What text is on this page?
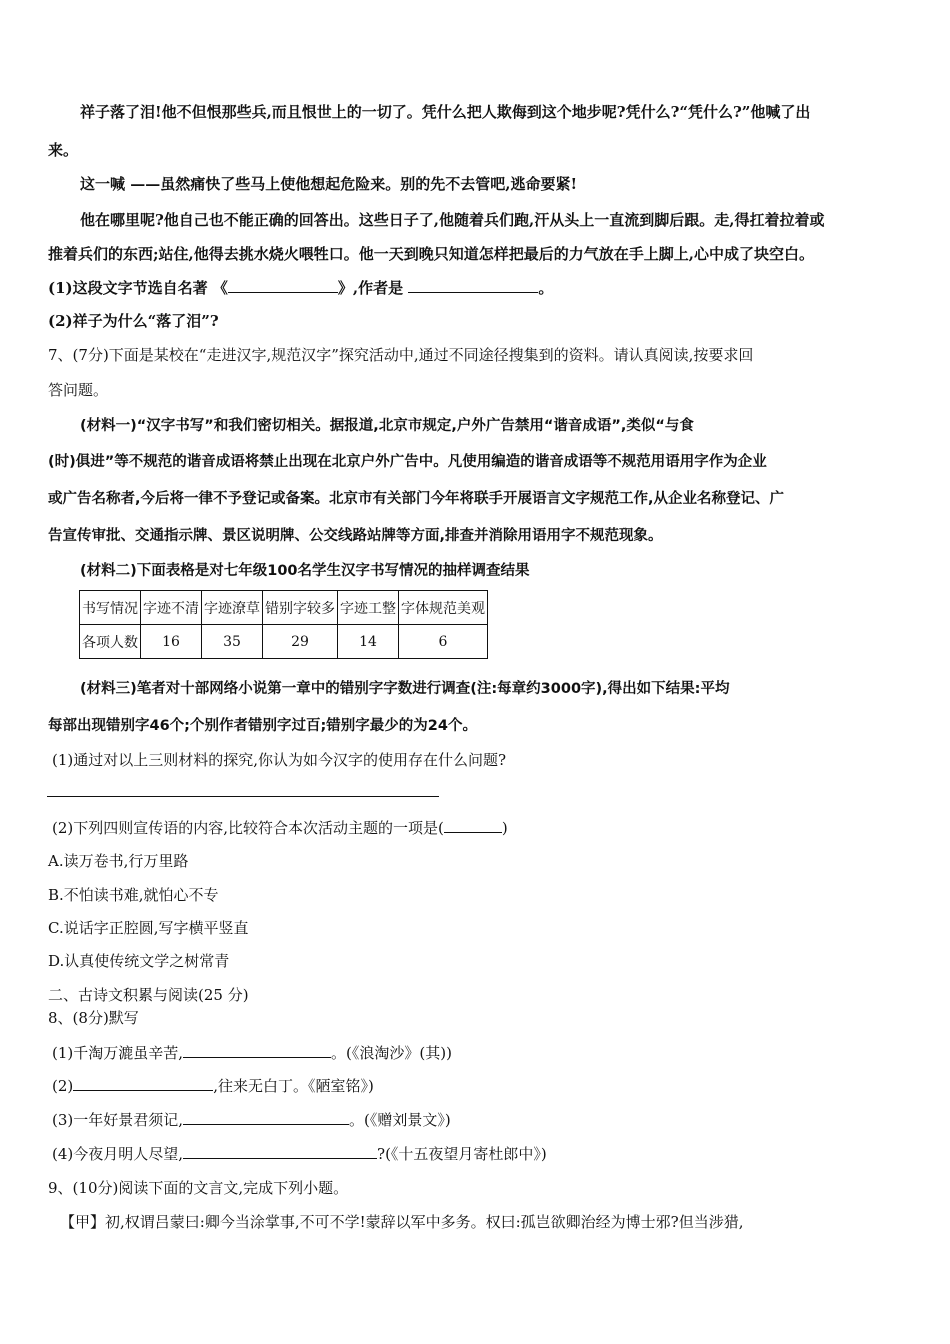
祥子落了泪!他不但恨那些兵,而且恨世上的一切了。凭什么把人欺侮到这个地步呢?凭什么?“凭什么?”他喊了出
来。
这一喊 ——虽然痛快了些马上使他想起危险来。别的先不去管吧,逃命要紧!
他在哪里呢?他自己也不能正确的回答出。这些日子了,他随着兵们跑,汗从头上一直流到脚后跟。走,得扛着拉着或
推着兵们的东西;站住,他得去挑水烧火喂牲口。他一天到晚只知道怎样把最后的力气放在手上脚上,心中成了块空白。
(1)这段文字节选自名著 《	》,作者是	。
(2)祥子为什么“落了泪”?
7、(7分)下面是某校在“走进汉字,规范汉字”探究活动中,通过不同途径搜集到的资料。请认真阅读,按要求回
答问题。
(材料一)“汉字书写”和我们密切相关。据报道,北京市规定,户外广告禁用“谐音成语”,类似“与食
(时)俱进”等不规范的谐音成语将禁止出现在北京户外广告中。凡使用编造的谐音成语等不规范用语用字作为企业
或广告名称者,今后将一律不予登记或备案。北京市有关部门今年将联手开展语言文字规范工作,从企业名称登记、广
告宣传审批、交通指示牌、景区说明牌、公交线路站牌等方面,排查并消除用语用字不规范现象。
(材料二)下面表格是对七年级100名学生汉字书写情况的抽样调查结果
书写情况	字迹不清	字迹潦草	错别字较多	字迹工整	字体规范美观
各项人数	16	35	29	14	6
(材料三)笔者对十部网络小说第一章中的错别字字数进行调查(注:每章约3000字),得出如下结果:平均
每部出现错别字46个;个别作者错别字过百;错别字最少的为24个。
(1)通过对以上三则材料的探究,你认为如今汉字的使用存在什么问题?
(2)下列四则宣传语的内容,比较符合本次活动主题的一项是(	)
A.读万卷书,行万里路
B.不怕读书难,就怕心不专
C.说话字正腔圆,写字横平竖直
D.认真使传统文学之树常青
二、古诗文积累与阅读(25 分)
8、(8分)默写
(1)千淘万漉虽辛苦,	。(《浪淘沙》(其))
(2)	,往来无白丁。《陋室铭》)
(3)一年好景君须记,	。(《赠刘景文》)
(4)今夜月明人尽望,	?(《十五夜望月寄杜郎中》)
9、(10分)阅读下面的文言文,完成下列小题。
【甲】初,权谓吕蒙曰:卿今当涂掌事,不可不学!蒙辞以军中多务。权曰:孤岂欲卿治经为博士邪?但当涉猎,
